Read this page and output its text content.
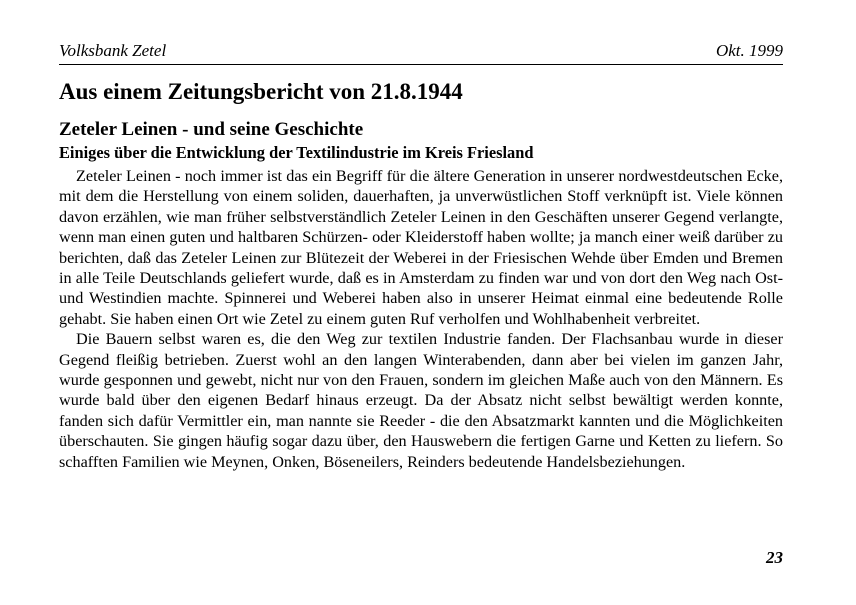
Volksbank Zetel	Okt. 1999
Aus einem Zeitungsbericht von 21.8.1944
Zeteler Leinen - und seine Geschichte
Einiges über die Entwicklung der Textilindustrie im Kreis Friesland

Zeteler Leinen - noch immer ist das ein Begriff für die ältere Generation in unserer nordwestdeutschen Ecke, mit dem die Herstellung von einem soliden, dauerhaften, ja unverwüstlichen Stoff verknüpft ist. Viele können davon erzählen, wie man früher selbstverständlich Zeteler Leinen in den Geschäften unserer Gegend verlangte, wenn man einen guten und haltbaren Schürzen- oder Kleiderstoff haben wollte; ja manch einer weiß darüber zu berichten, daß das Zeteler Leinen zur Blütezeit der Weberei in der Friesischen Wehde über Emden und Bremen in alle Teile Deutschlands geliefert wurde, daß es in Amsterdam zu finden war und von dort den Weg nach Ost- und Westindien machte. Spinnerei und Weberei haben also in unserer Heimat einmal eine bedeutende Rolle gehabt. Sie haben einen Ort wie Zetel zu einem guten Ruf verholfen und Wohlhabenheit verbreitet.

Die Bauern selbst waren es, die den Weg zur textilen Industrie fanden. Der Flachsanbau wurde in dieser Gegend fleißig betrieben. Zuerst wohl an den langen Winterabenden, dann aber bei vielen im ganzen Jahr, wurde gesponnen und gewebt, nicht nur von den Frauen, sondern im gleichen Maße auch von den Männern. Es wurde bald über den eigenen Bedarf hinaus erzeugt. Da der Absatz nicht selbst bewältigt werden konnte, fanden sich dafür Vermittler ein, man nannte sie Reeder - die den Absatzmarkt kannten und die Möglichkeiten überschauten. Sie gingen häufig sogar dazu über, den Hauswebern die fertigen Garne und Ketten zu liefern. So schafften Familien wie Meynen, Onken, Böseneilers, Reinders bedeutende Handelsbeziehungen.

23
